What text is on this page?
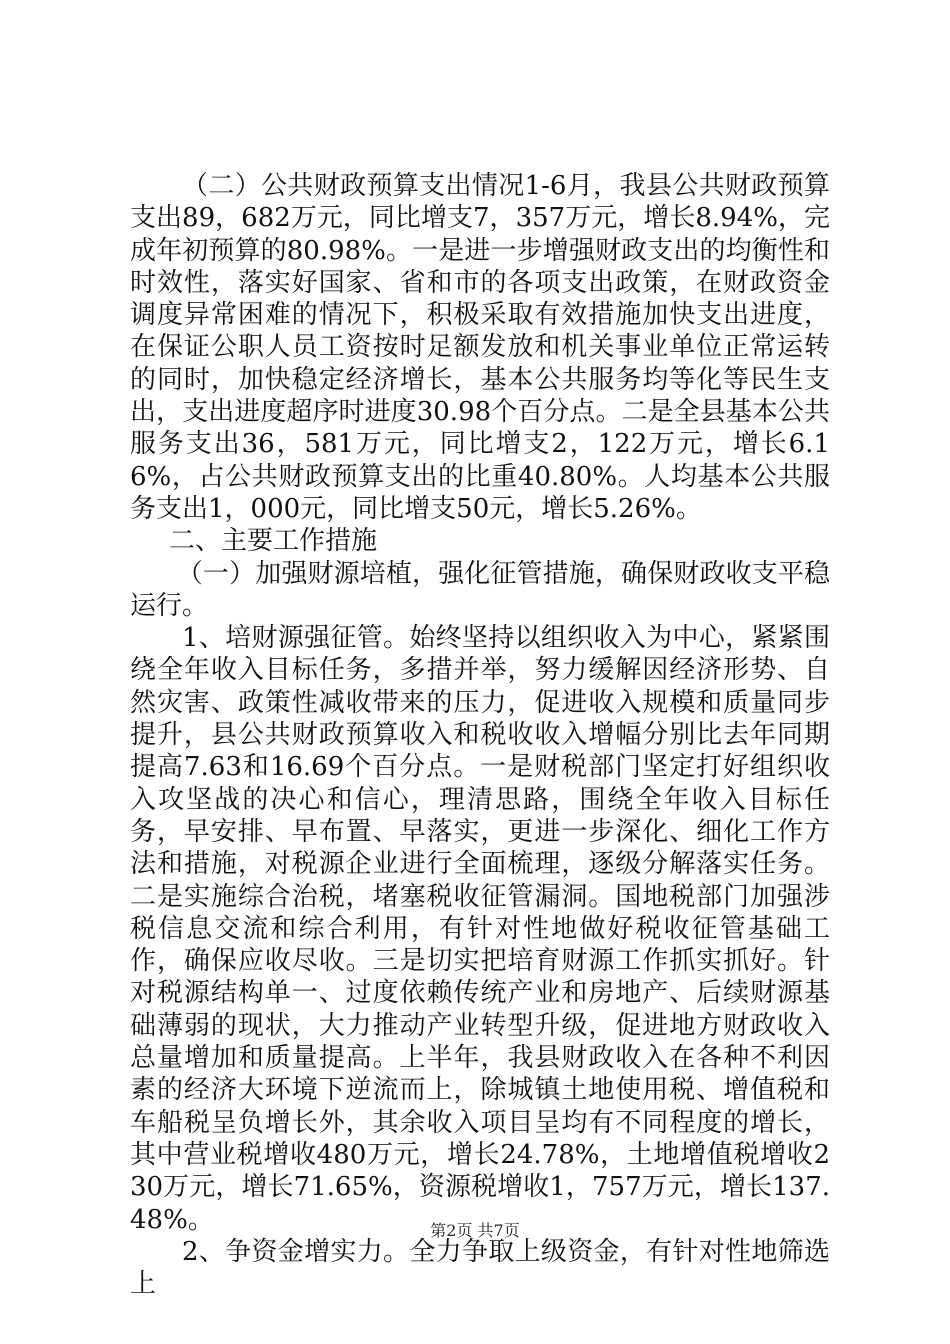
（二）公共财政预算支出情况1-6月，我县公共财政预算支出89，682万元，同比增支7，357万元，增长8.94%，完成年初预算的80.98%。一是进一步增强财政支出的均衡性和时效性，落实好国家、省和市的各项支出政策，在财政资金调度异常困难的情况下，积极采取有效措施加快支出进度，在保证公职人员工资按时足额发放和机关事业单位正常运转的同时，加快稳定经济增长，基本公共服务均等化等民生支出，支出进度超序时进度30.98个百分点。二是全县基本公共服务支出36，581万元，同比增支2，122万元，增长6.16%，占公共财政预算支出的比重40.80%。人均基本公共服务支出1，000元，同比增支50元，增长5.26%。

二、主要工作措施

（一）加强财源培植，强化征管措施，确保财政收支平稳运行。

1、培财源强征管。始终坚持以组织收入为中心，紧紧围绕全年收入目标任务，多措并举，努力缓解因经济形势、自然灾害、政策性减收带来的压力，促进收入规模和质量同步提升，县公共财政预算收入和税收收入增幅分别比去年同期提高7.63和16.69个百分点。一是财税部门坚定打好组织收入攻坚战的决心和信心，理清思路，围绕全年收入目标任务，早安排、早布置、早落实，更进一步深化、细化工作方法和措施，对税源企业进行全面梳理，逐级分解落实任务。二是实施综合治税，堵塞税收征管漏洞。国地税部门加强涉税信息交流和综合利用，有针对性地做好税收征管基础工作，确保应收尽收。三是切实把培育财源工作抓实抓好。针对税源结构单一、过度依赖传统产业和房地产、后续财源基础薄弱的现状，大力推动产业转型升级，促进地方财政收入总量增加和质量提高。上半年，我县财政收入在各种不利因素的经济大环境下逆流而上，除城镇土地使用税、增值税和车船税呈负增长外，其余收入项目呈均有不同程度的增长，其中营业税增收480万元，增长24.78%，土地增值税增收230万元，增长71.65%，资源税增收1，757万元，增长137.48%。

2、争资金增实力。全力争取上级资金，有针对性地筛选上

第2页 共7页
